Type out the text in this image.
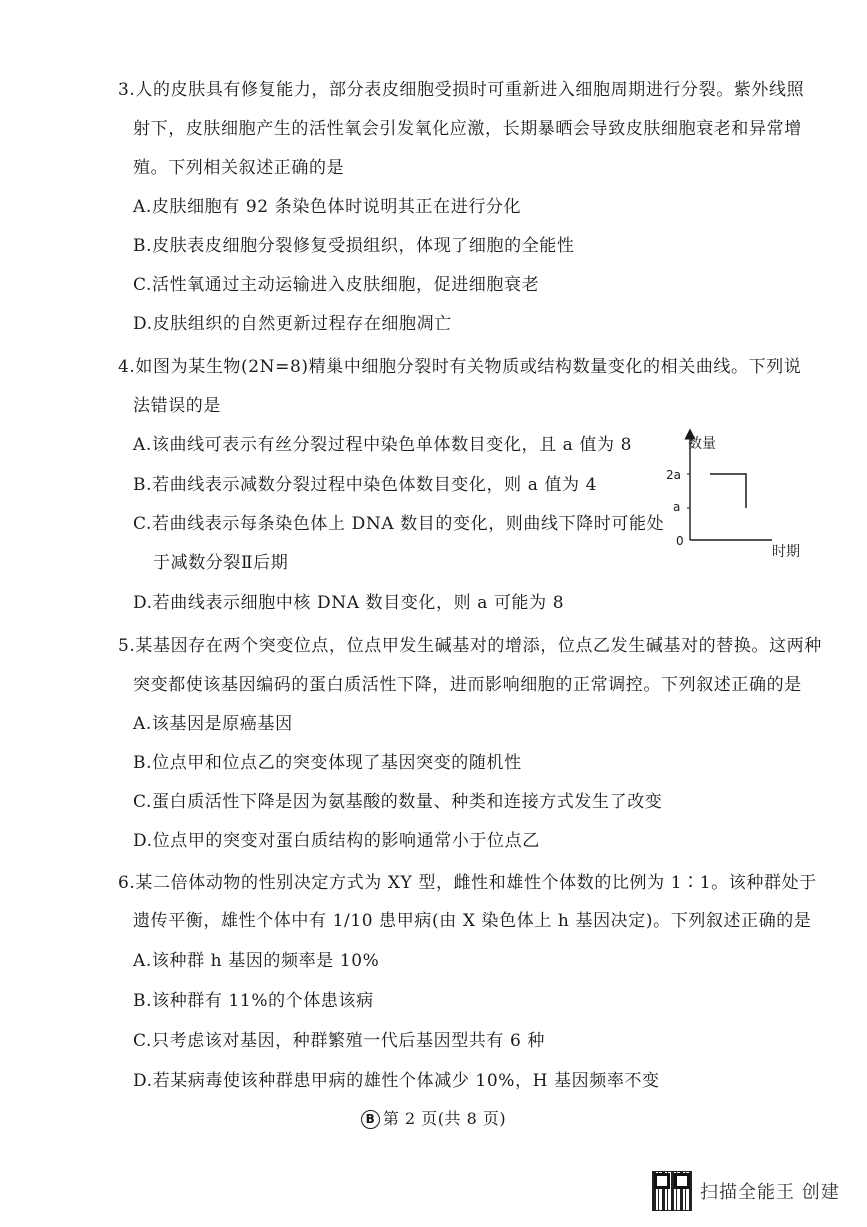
3.人的皮肤具有修复能力，部分表皮细胞受损时可重新进入细胞周期进行分裂。紫外线照
射下，皮肤细胞产生的活性氧会引发氧化应激，长期暴晒会导致皮肤细胞衰老和异常增
殖。下列相关叙述正确的是
A.皮肤细胞有 92 条染色体时说明其正在进行分化
B.皮肤表皮细胞分裂修复受损组织，体现了细胞的全能性
C.活性氧通过主动运输进入皮肤细胞，促进细胞衰老
D.皮肤组织的自然更新过程存在细胞凋亡
4.如图为某生物(2N=8)精巢中细胞分裂时有关物质或结构数量变化的相关曲线。下列说
法错误的是
A.该曲线可表示有丝分裂过程中染色单体数目变化，且 a 值为 8
B.若曲线表示减数分裂过程中染色体数目变化，则 a 值为 4
C.若曲线表示每条染色体上 DNA 数目的变化，则曲线下降时可能处
于减数分裂Ⅱ后期
D.若曲线表示细胞中核 DNA 数目变化，则 a 可能为 8
数量
时期
2a
a
0
5.某基因存在两个突变位点，位点甲发生碱基对的增添，位点乙发生碱基对的替换。这两种
突变都使该基因编码的蛋白质活性下降，进而影响细胞的正常调控。下列叙述正确的是
A.该基因是原癌基因
B.位点甲和位点乙的突变体现了基因突变的随机性
C.蛋白质活性下降是因为氨基酸的数量、种类和连接方式发生了改变
D.位点甲的突变对蛋白质结构的影响通常小于位点乙
6.某二倍体动物的性别决定方式为 XY 型，雌性和雄性个体数的比例为 1∶1。该种群处于
遗传平衡，雄性个体中有 1/10 患甲病(由 X 染色体上 h 基因决定)。下列叙述正确的是
A.该种群 h 基因的频率是 10%
B.该种群有 11%的个体患该病
C.只考虑该对基因，种群繁殖一代后基因型共有 6 种
D.若某病毒使该种群患甲病的雄性个体减少 10%，H 基因频率不变
B 第 2 页(共 8 页)
扫描全能王 创建
